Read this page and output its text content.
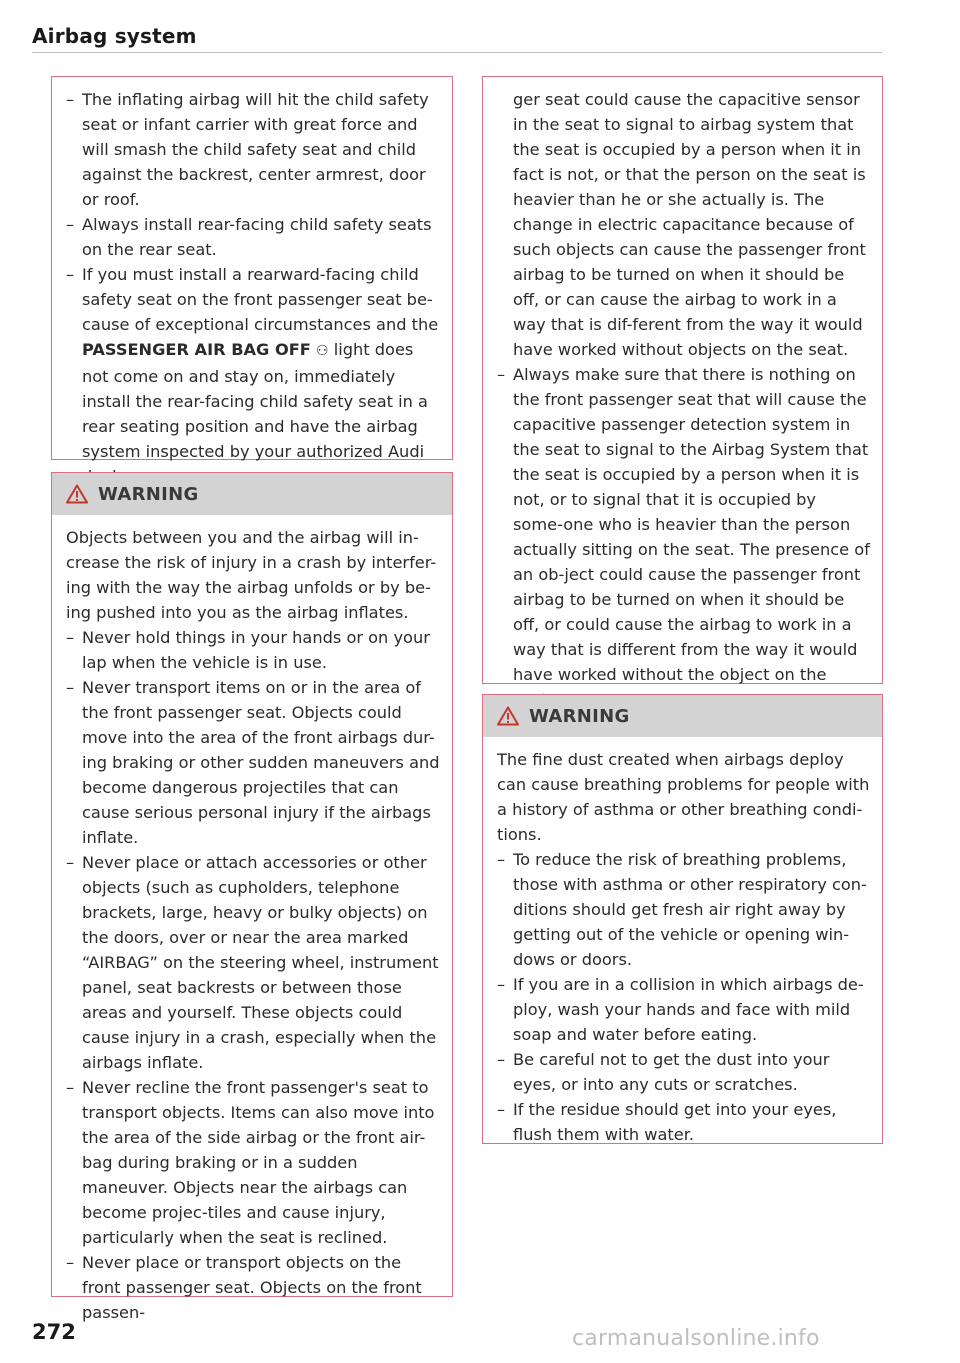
Airbag system
– The inflating airbag will hit the child safety seat or infant carrier with great force and will smash the child safety seat and child against the backrest, center armrest, door or roof.
– Always install rear-facing child safety seats on the rear seat.
– If you must install a rearward-facing child safety seat on the front passenger seat be-cause of exceptional circumstances and the PASSENGER AIR BAG OFF ⚇ light does not come on and stay on, immediately install the rear-facing child safety seat in a rear seating position and have the airbag system inspected by your authorized Audi
WARNING

Objects between you and the airbag will in-crease the risk of injury in a crash by interfer-ing with the way the airbag unfolds or by be-ing pushed into you as the airbag inflates.

– Never hold things in your hands or on your lap when the vehicle is in use.
– Never transport items on or in the area of the front passenger seat. Objects could move into the area of the front airbags dur-ing braking or other sudden maneuvers and become dangerous projectiles that can cause serious personal injury if the airbags inflate.
– Never place or attach accessories or other objects (such as cupholders, telephone brackets, large, heavy or bulky objects) on the doors, over or near the area marked “AIRBAG” on the steering wheel, instrument panel, seat backrests or between those areas and yourself. These objects could cause injury in a crash, especially when the airbags inflate.
– Never recline the front passenger's seat to transport objects. Items can also move into the area of the side airbag or the front air-bag during braking or in a sudden maneuver. Objects near the airbags can become projec-tiles and cause injury, particularly when the seat is reclined.
– Never place or transport objects on the front passenger seat. Objects on the front passen-
ger seat could cause the capacitive sensor in the seat to signal to airbag system that the seat is occupied by a person when it in fact is not, or that the person on the seat is heavier than he or she actually is. The change in electric capacitance because of such objects can cause the passenger front airbag to be turned on when it should be off, or can cause the airbag to work in a way that is dif-ferent from the way it would have worked without objects on the seat.
– Always make sure that there is nothing on the front passenger seat that will cause the capacitive passenger detection system in the seat to signal to the Airbag System that the seat is occupied by a person when it is not, or to signal that it is occupied by some-one who is heavier than the person actually sitting on the seat. The presence of an ob-ject could cause the passenger front airbag to be turned on when it should be off, or could cause the airbag to work in a way that is different from the way it would have worked without the object on the
WARNING

The fine dust created when airbags deploy can cause breathing problems for people with a history of asthma or other breathing condi-tions.

– To reduce the risk of breathing problems, those with asthma or other respiratory con-ditions should get fresh air right away by getting out of the vehicle or opening win-dows or doors.
– If you are in a collision in which airbags de-ploy, wash your hands and face with mild soap and water before eating.
– Be careful not to get the dust into your eyes, or into any cuts or scratches.
– If the residue should get into your eyes, flush them with water.
272	carmanualsonline.info
